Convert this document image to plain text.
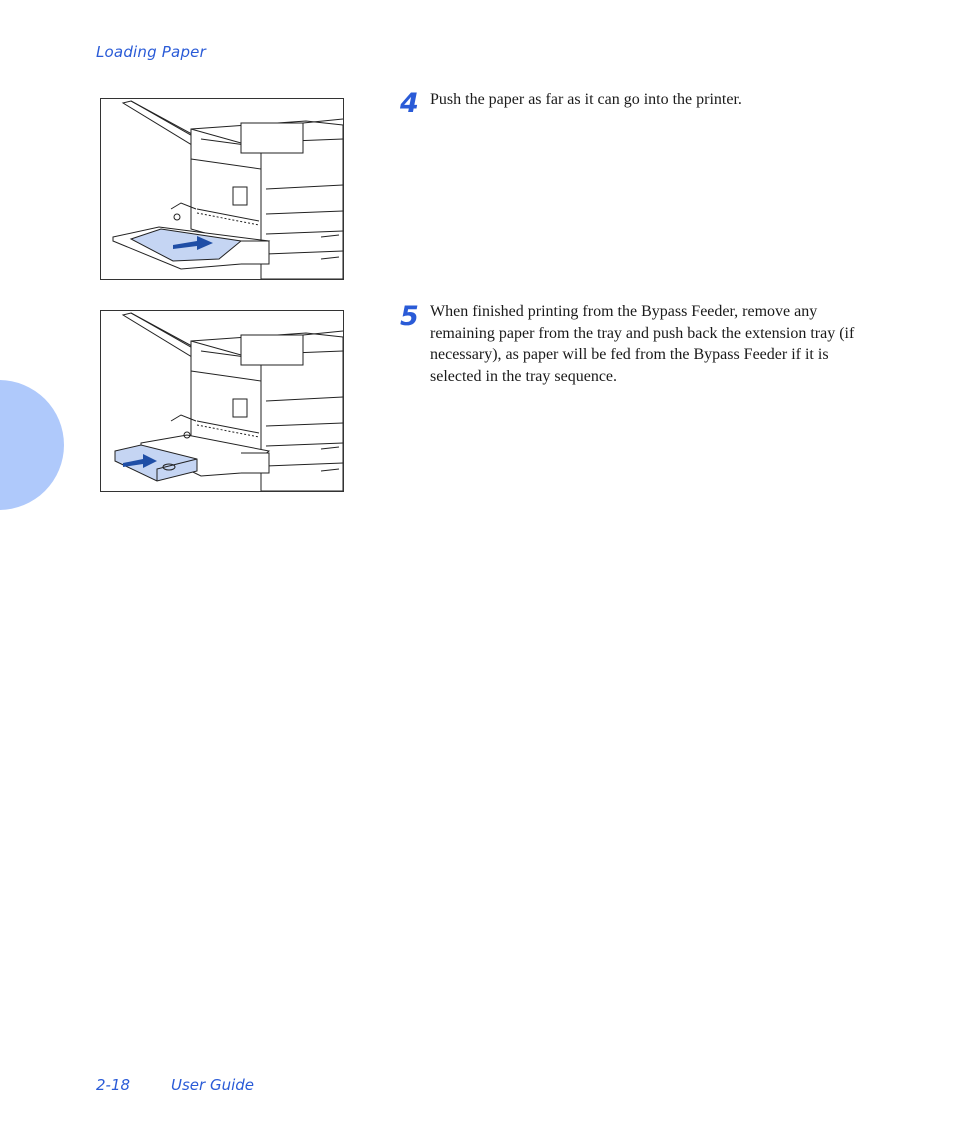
Loading Paper
4 Push the paper as far as it can go into the printer.
5 When finished printing from the Bypass Feeder, remove any remaining paper from the tray and push back the extension tray (if necessary), as paper will be fed from the Bypass Feeder if it is selected in the tray sequence.
2-18	User Guide
